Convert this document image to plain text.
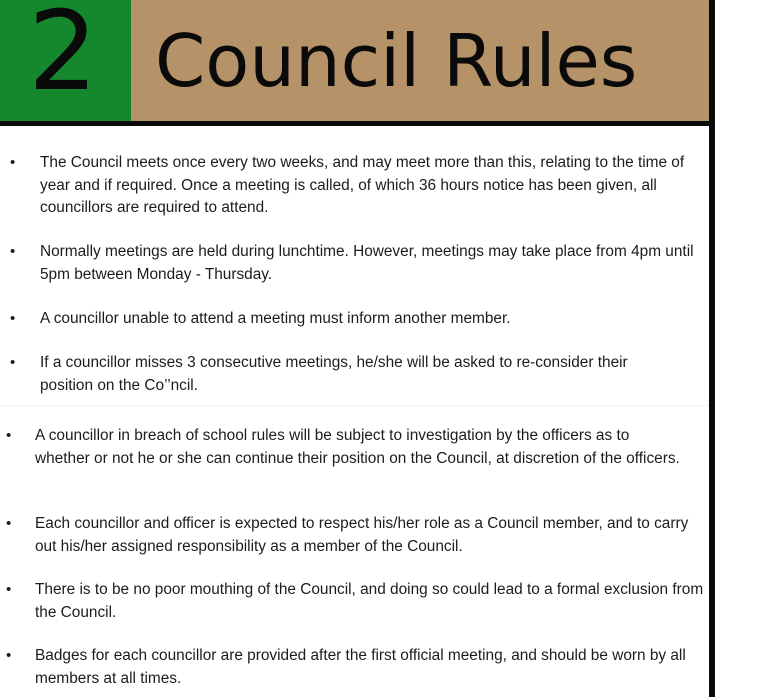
2 Council Rules
• The Council meets once every two weeks, and may meet more than this, relating to the time of year and if required. Once a meeting is called, of which 36 hours notice has been given, all councillors are required to attend.
• Normally meetings are held during lunchtime. However, meetings may take place from 4pm until 5pm between Monday - Thursday.
• A councillor unable to attend a meeting must inform another member.
• If a councillor misses 3 consecutive meetings, he/she will be asked to re-consider their position on the Co’’ncil.
• A councillor in breach of school rules will be subject to investigation by the officers as to whether or not he or she can continue their position on the Council, at discretion of the officers.
• Each councillor and officer is expected to respect his/her role as a Council member, and to carry out his/her assigned responsibility as a member of the Council.
• There is to be no poor mouthing of the Council, and doing so could lead to a formal exclusion from the Council.
• Badges for each councillor are provided after the first official meeting, and should be worn by all members at all times.
